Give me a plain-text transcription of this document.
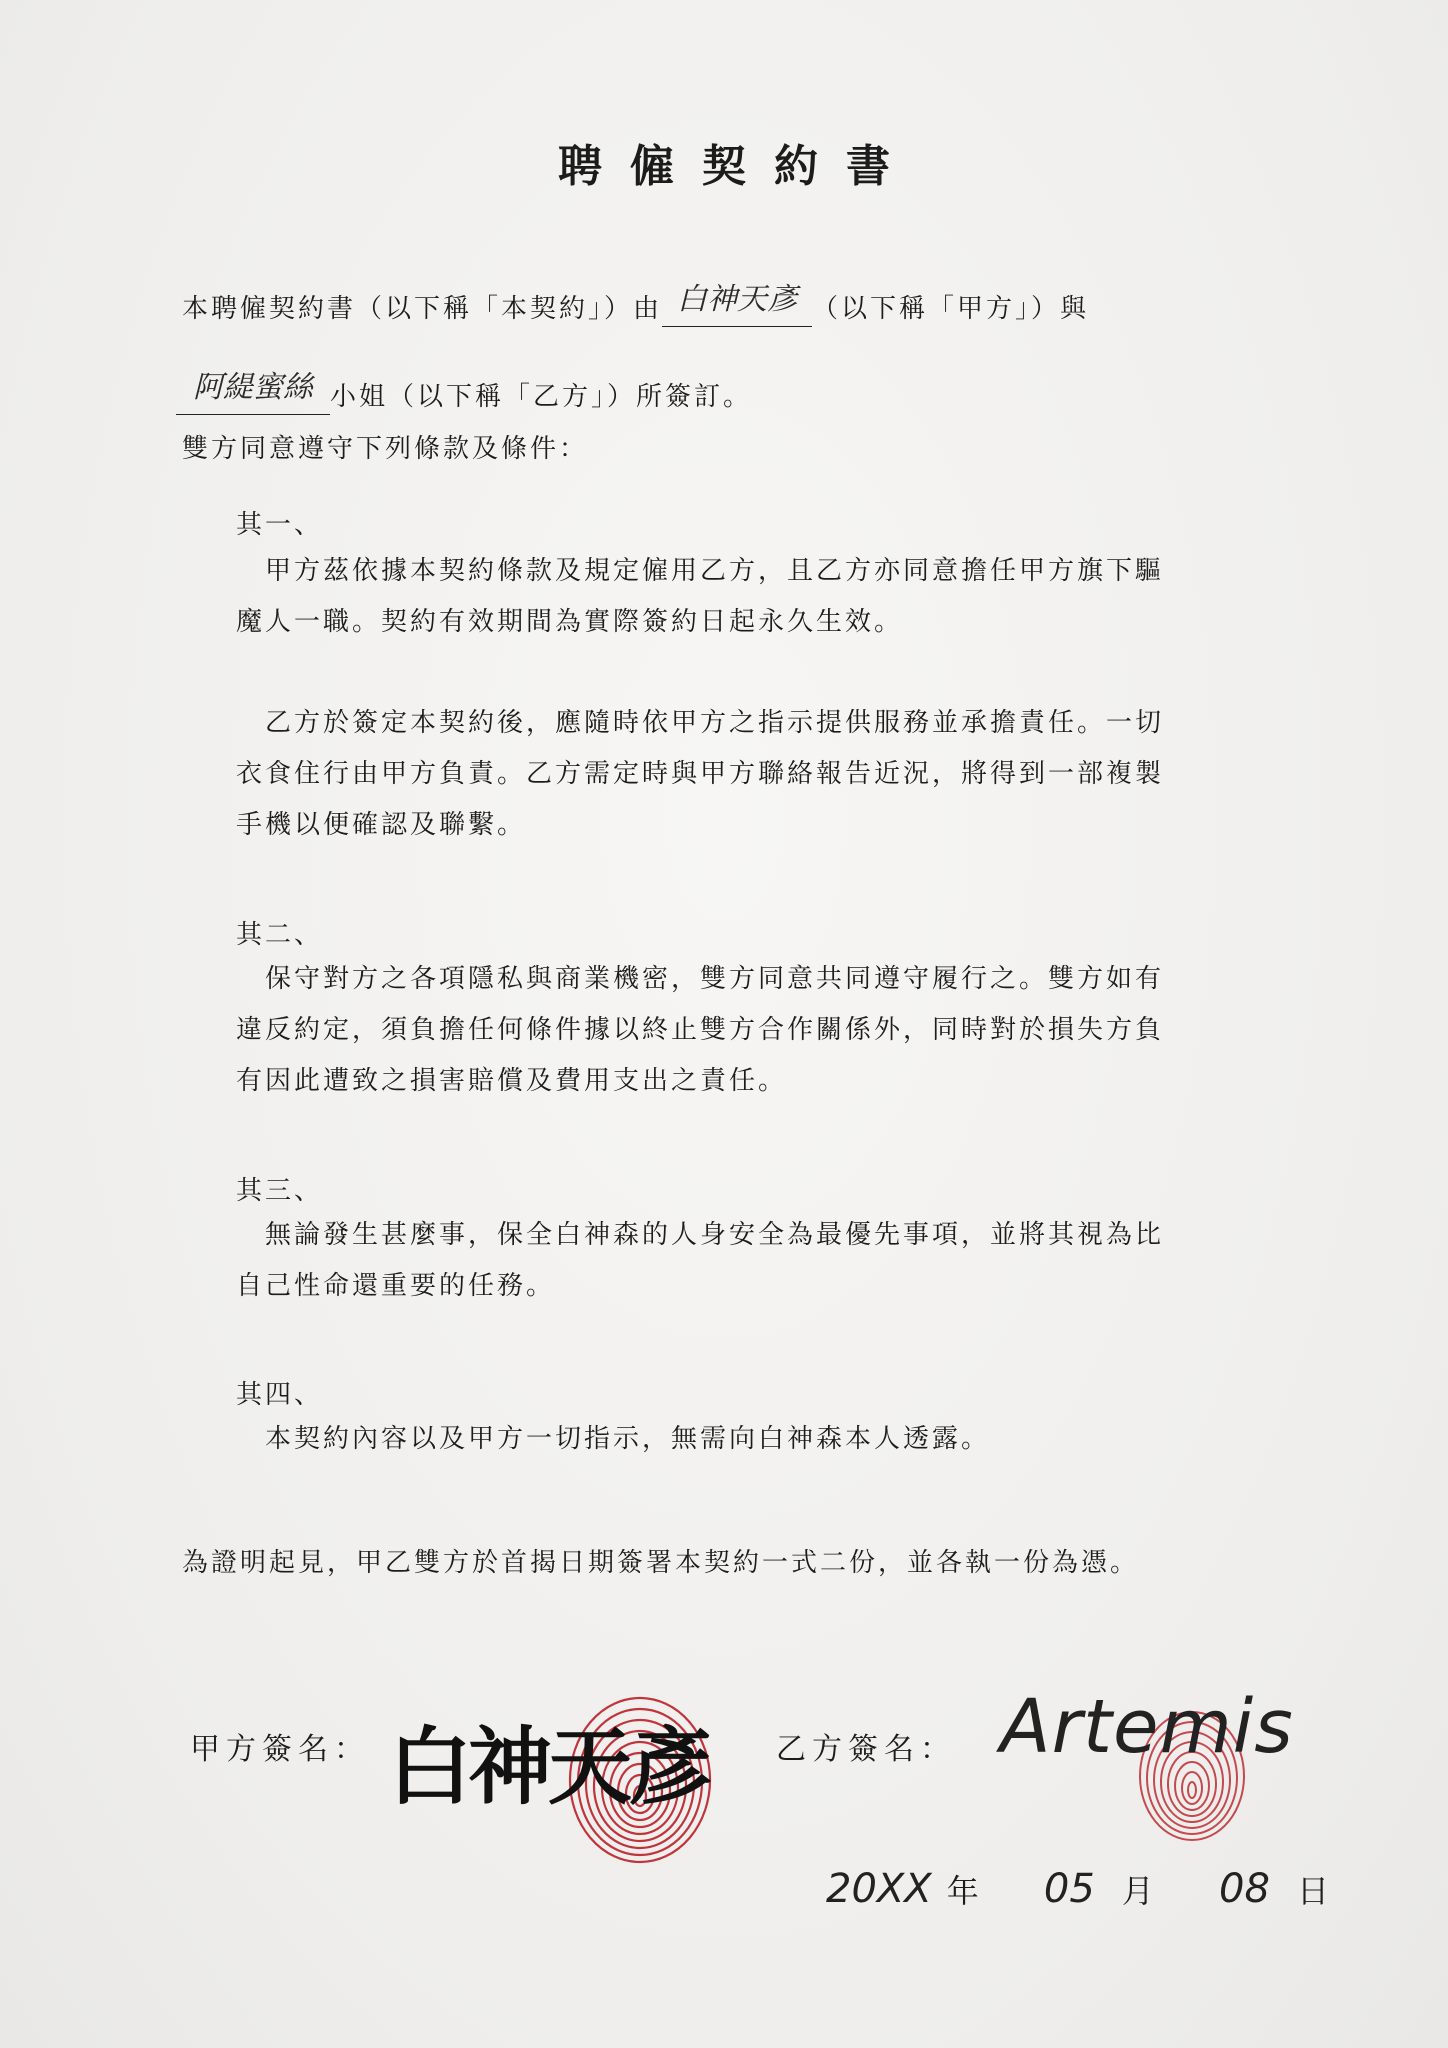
聘僱契約書
本聘僱契約書（以下稱「本契約」）由 白神天彥 （以下稱「甲方」）與
阿緹蜜絲 小姐（以下稱「乙方」）所簽訂。
雙方同意遵守下列條款及條件：
其一、
　甲方茲依據本契約條款及規定僱用乙方，且乙方亦同意擔任甲方旗下驅魔人一職。契約有效期間為實際簽約日起永久生效。
　乙方於簽定本契約後，應隨時依甲方之指示提供服務並承擔責任。一切衣食住行由甲方負責。乙方需定時與甲方聯絡報告近況，將得到一部複製手機以便確認及聯繫。
其二、
　保守對方之各項隱私與商業機密，雙方同意共同遵守履行之。雙方如有違反約定，須負擔任何條件據以終止雙方合作關係外，同時對於損失方負有因此遭致之損害賠償及費用支出之責任。
其三、
　無論發生甚麼事，保全白神森的人身安全為最優先事項，並將其視為比自己性命還重要的任務。
其四、
　本契約內容以及甲方一切指示，無需向白神森本人透露。
為證明起見，甲乙雙方於首揭日期簽署本契約一式二份，並各執一份為憑。
甲方簽名： 白神天彥 乙方簽名： Artemis
20XX 年 05 月 08 日
